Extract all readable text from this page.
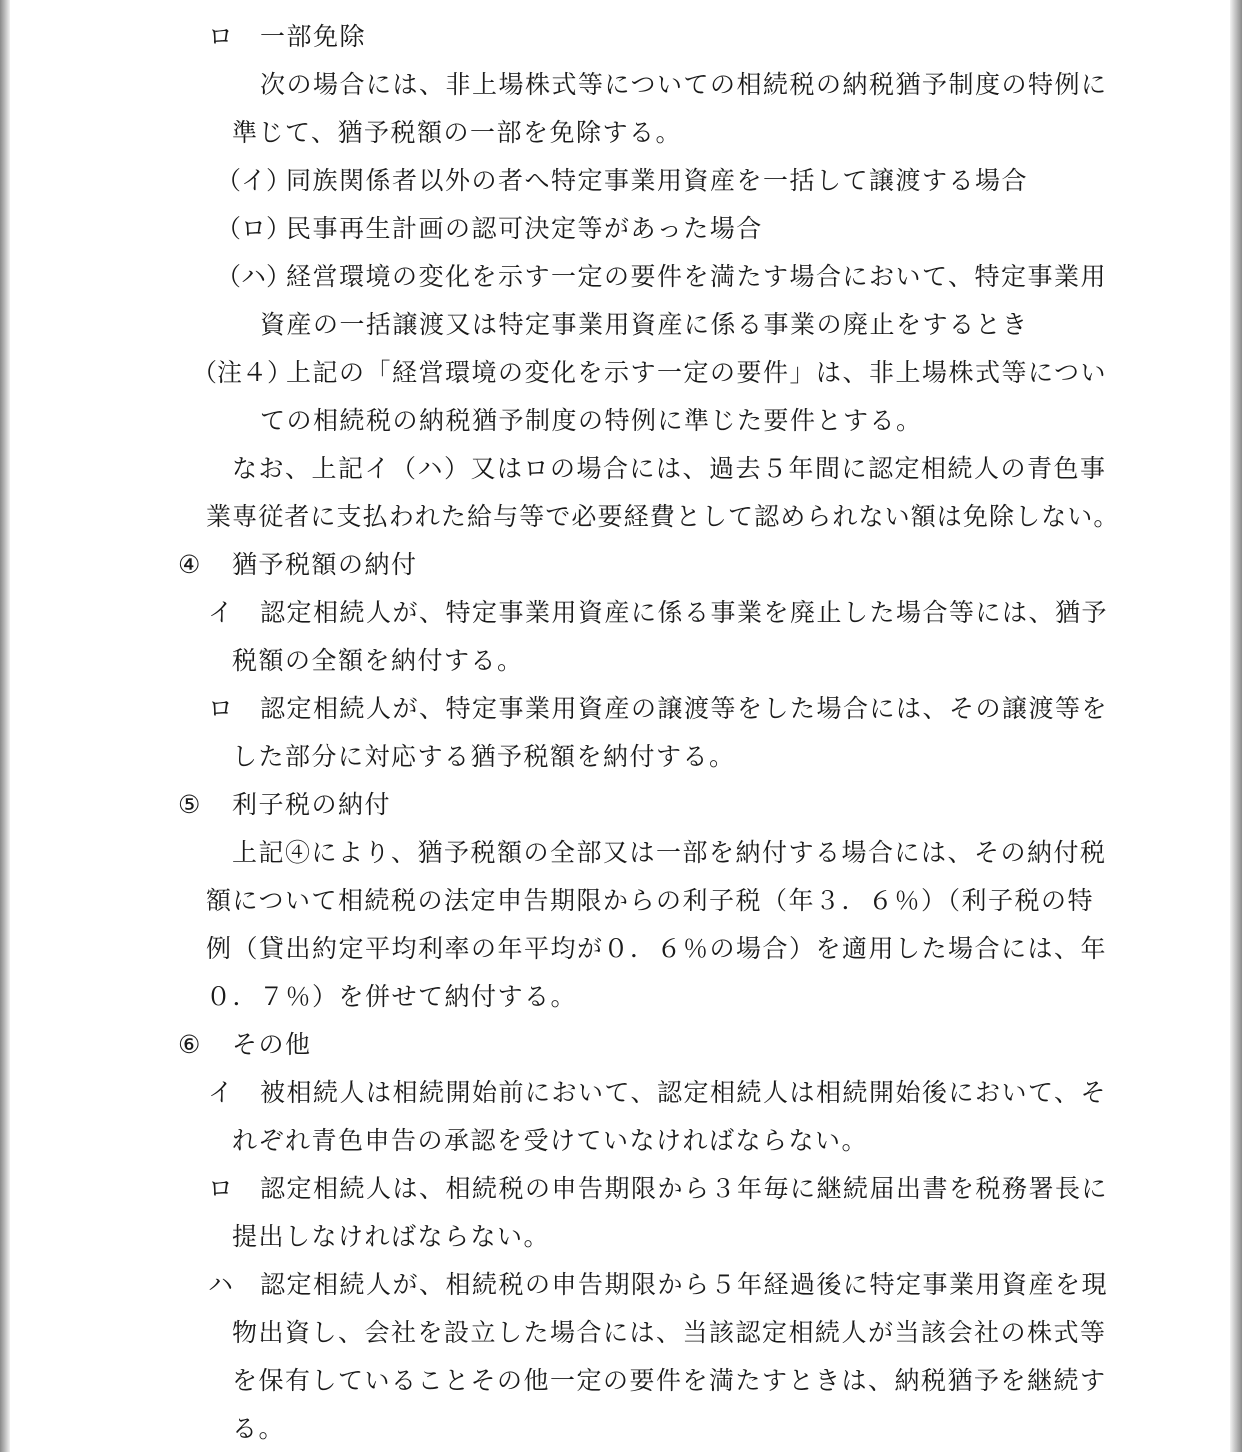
ロ 一部免除
次の場合には、非上場株式等についての相続税の納税猶予制度の特例に
準じて、猶予税額の一部を免除する。
（イ）
同族関係者以外の者へ特定事業用資産を一括して譲渡する場合
（ロ）
民事再生計画の認可決定等があった場合
（ハ）
経営環境の変化を示す一定の要件を満たす場合において、特定事業用
資産の一括譲渡又は特定事業用資産に係る事業の廃止をするとき
（注４）
上記の「経営環境の変化を示す一定の要件」は、非上場株式等につい
ての相続税の納税猶予制度の特例に準じた要件とする。
なお、上記イ（ハ）又はロの場合には、過去５年間に認定相続人の青色事
業専従者に支払われた給与等で必要経費として認められない額は免除しない。
④ 猶予税額の納付
イ 認定相続人が、特定事業用資産に係る事業を廃止した場合等には、猶予
税額の全額を納付する。
ロ 認定相続人が、特定事業用資産の譲渡等をした場合には、その譲渡等を
した部分に対応する猶予税額を納付する。
⑤ 利子税の納付
上記④により、猶予税額の全部又は一部を納付する場合には、その納付税
額について相続税の法定申告期限からの利子税（年３．６％）（利子税の特
例（貸出約定平均利率の年平均が０．６％の場合）を適用した場合には、年
０．７％）を併せて納付する。
⑥ その他
イ 被相続人は相続開始前において、認定相続人は相続開始後において、そ
れぞれ青色申告の承認を受けていなければならない。
ロ 認定相続人は、相続税の申告期限から３年毎に継続届出書を税務署長に
提出しなければならない。
ハ 認定相続人が、相続税の申告期限から５年経過後に特定事業用資産を現
物出資し、会社を設立した場合には、当該認定相続人が当該会社の株式等
を保有していることその他一定の要件を満たすときは、納税猶予を継続す
る。
